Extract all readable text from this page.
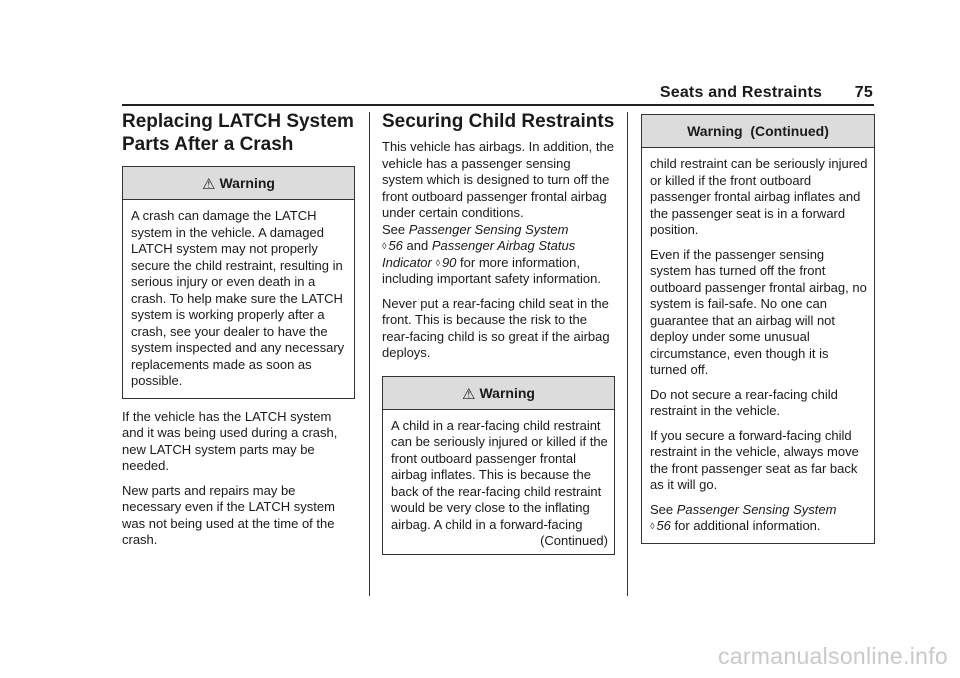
Seats and Restraints 75
Replacing LATCH System Parts After a Crash
⚠ Warning

A crash can damage the LATCH system in the vehicle. A damaged LATCH system may not properly secure the child restraint, resulting in serious injury or even death in a crash. To help make sure the LATCH system is working properly after a crash, see your dealer to have the system inspected and any necessary replacements made as soon as possible.

If the vehicle has the LATCH system and it was being used during a crash, new LATCH system parts may be needed.

New parts and repairs may be necessary even if the LATCH system was not being used at the time of the crash.

Securing Child Restraints

This vehicle has airbags. In addition, the vehicle has a passenger sensing system which is designed to turn off the front outboard passenger frontal airbag under certain conditions.
See Passenger Sensing System
◊ 56 and Passenger Airbag Status Indicator ◊ 90 for more information, including important safety information.

Never put a rear-facing child seat in the front. This is because the risk to the rear-facing child is so great if the airbag deploys.

⚠ Warning

A child in a rear-facing child restraint can be seriously injured or killed if the front outboard passenger frontal airbag inflates. This is because the back of the rear-facing child restraint would be very close to the inflating airbag. A child in a forward-facing

(Continued)
Warning  (Continued)

child restraint can be seriously injured or killed if the front outboard passenger frontal airbag inflates and the passenger seat is in a forward position.

Even if the passenger sensing system has turned off the front outboard passenger frontal airbag, no system is fail-safe. No one can guarantee that an airbag will not deploy under some unusual circumstance, even though it is turned off.

Do not secure a rear-facing child restraint in the vehicle.

If you secure a forward-facing child restraint in the vehicle, always move the front passenger seat as far back as it will go.

See Passenger Sensing System
◊ 56 for additional information.

carmanualsonline.info
